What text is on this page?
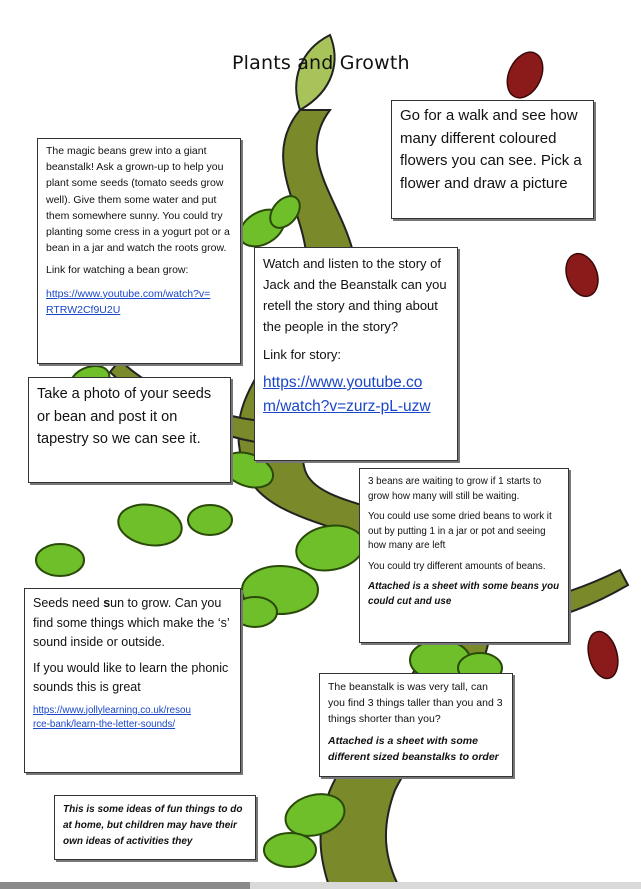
Plants and Growth

The magic beans grew into a giant beanstalk! Ask a grown-up to help you plant some seeds (tomato seeds grow well). Give them some water and put them somewhere sunny. You could try planting some cress in a yogurt pot or a bean in a jar and watch the roots grow.

Link for watching a bean grow:

https://www.youtube.com/watch?v=
RTRW2Cf9U2U

Go for a walk and see how many different coloured flowers you can see. Pick a flower and draw a picture

Watch and listen to the story of Jack and the Beanstalk can you retell the story and thing about the people in the story?

Link for story:

https://www.youtube.co
m/watch?v=zurz-pL-uzw

Take a photo of your seeds or bean and post it on tapestry so we can see it.

3 beans are waiting to grow if 1 starts to grow how many will still be waiting.

You could use some dried beans to work it out by putting 1 in a jar or pot and seeing how many are left

You could try different amounts of beans.

Attached is a sheet with some beans you could cut and use

Seeds need sun to grow. Can you find some things which make the ‘s’ sound inside or outside.

If you would like to learn the phonic sounds this is great

https://www.jollylearning.co.uk/resou
rce-bank/learn-the-letter-sounds/

The beanstalk is was very tall, can you find 3 things taller than you and 3 things shorter than you?

Attached is a sheet with some different sized beanstalks to order

This is some ideas of fun things to do at home, but children may have their own ideas of activities they
